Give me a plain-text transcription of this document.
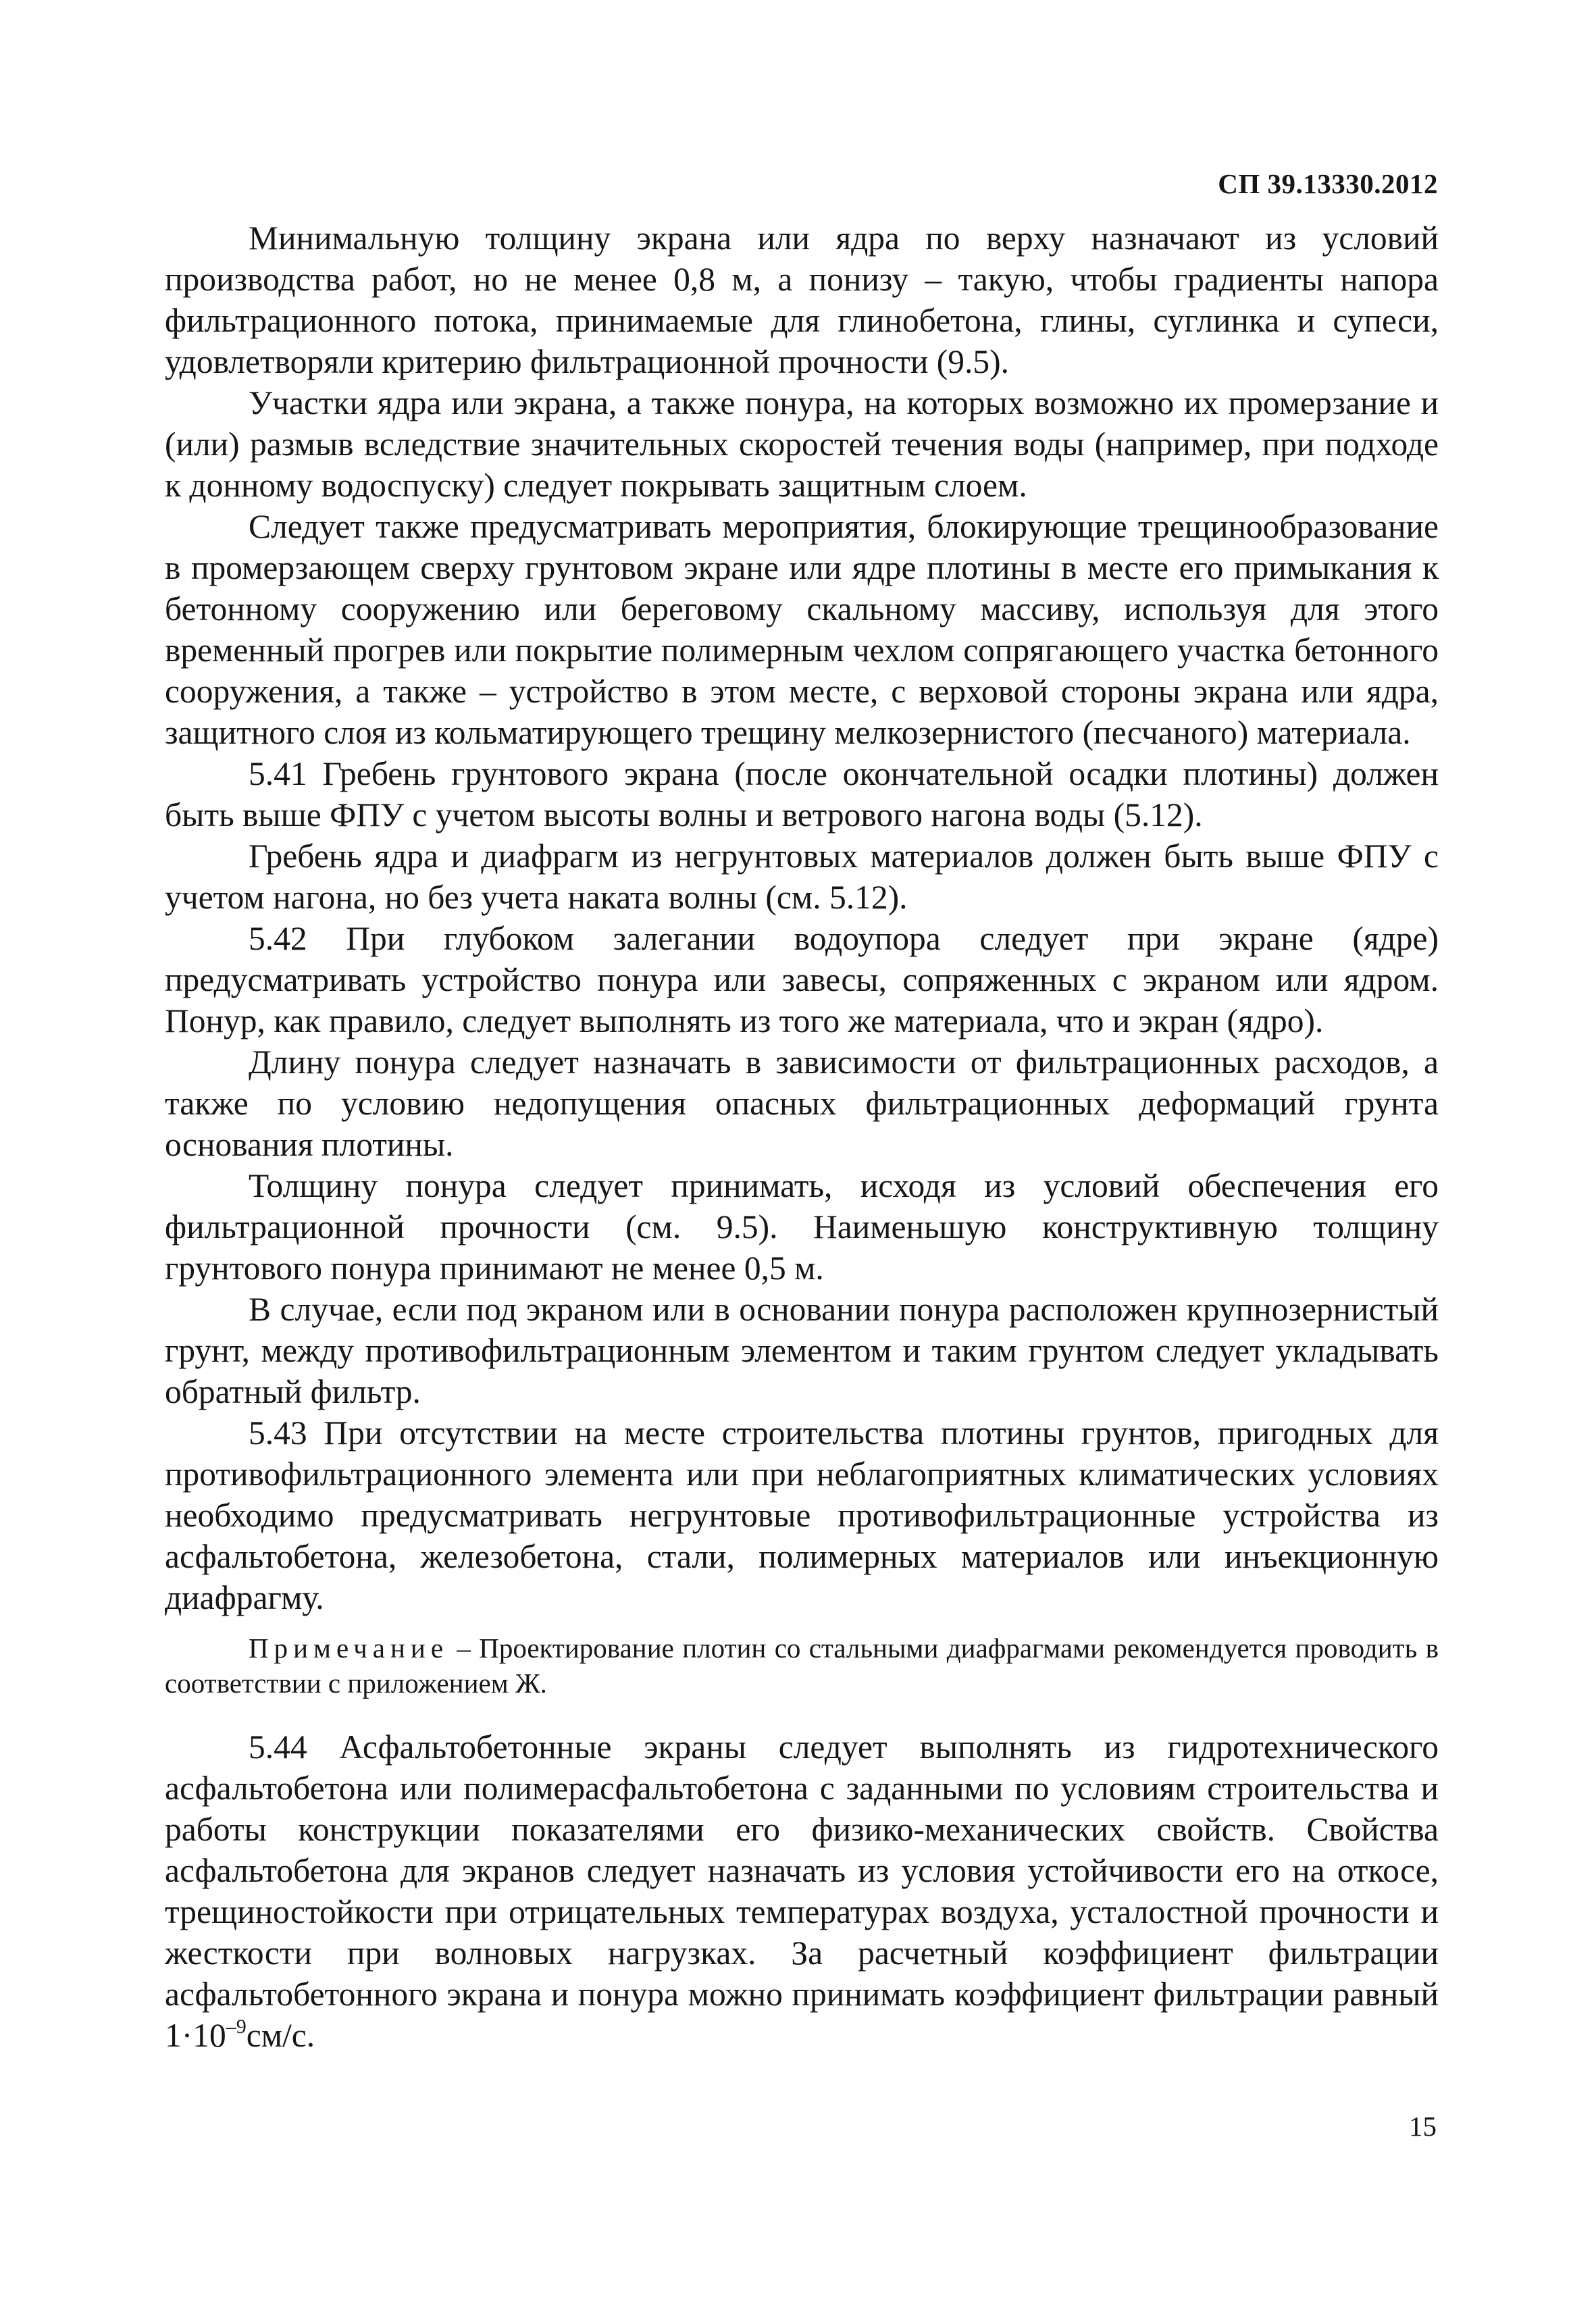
СП 39.13330.2012

Минимальную толщину экрана или ядра по верху назначают из условий производства работ, но не менее 0,8 м, а понизу – такую, чтобы градиенты напора фильтрационного потока, принимаемые для глинобетона, глины, суглинка и супеси, удовлетворяли критерию фильтрационной прочности (9.5).

Участки ядра или экрана, а также понура, на которых возможно их промерзание и (или) размыв вследствие значительных скоростей течения воды (например, при подходе к донному водоспуску) следует покрывать защитным слоем.

Следует также предусматривать мероприятия, блокирующие трещинообразование в промерзающем сверху грунтовом экране или ядре плотины в месте его примыкания к бетонному сооружению или береговому скальному массиву, используя для этого временный прогрев или покрытие полимерным чехлом сопрягающего участка бетонного сооружения, а также – устройство в этом месте, с верховой стороны экрана или ядра, защитного слоя из кольматирующего трещину мелкозернистого (песчаного) материала.

5.41 Гребень грунтового экрана (после окончательной осадки плотины) должен быть выше ФПУ с учетом высоты волны и ветрового нагона воды (5.12).

Гребень ядра и диафрагм из негрунтовых материалов должен быть выше ФПУ с учетом нагона, но без учета наката волны (см. 5.12).

5.42 При глубоком залегании водоупора следует при экране (ядре) предусматривать устройство понура или завесы, сопряженных с экраном или ядром. Понур, как правило, следует выполнять из того же материала, что и экран (ядро).

Длину понура следует назначать в зависимости от фильтрационных расходов, а также по условию недопущения опасных фильтрационных деформаций грунта основания плотины.

Толщину понура следует принимать, исходя из условий обеспечения его фильтрационной прочности (см. 9.5). Наименьшую конструктивную толщину грунтового понура принимают не менее 0,5 м.

В случае, если под экраном или в основании понура расположен крупнозернистый грунт, между противофильтрационным элементом и таким грунтом следует укладывать обратный фильтр.

5.43 При отсутствии на месте строительства плотины грунтов, пригодных для противофильтрационного элемента или при неблагоприятных климатических условиях необходимо предусматривать негрунтовые противофильтрационные устройства из асфальтобетона, железобетона, стали, полимерных материалов или инъекционную диафрагму.

Примечание – Проектирование плотин со стальными диафрагмами рекомендуется проводить в соответствии с приложением Ж.

5.44 Асфальтобетонные экраны следует выполнять из гидротехнического асфальтобетона или полимерасфальтобетона с заданными по условиям строительства и работы конструкции показателями его физико-механических свойств. Свойства асфальтобетона для экранов следует назначать из условия устойчивости его на откосе, трещиностойкости при отрицательных температурах воздуха, усталостной прочности и жесткости при волновых нагрузках. За расчетный коэффициент фильтрации асфальтобетонного экрана и понура можно принимать коэффициент фильтрации равный $1\cdot 10^{-9}см/с$.

15
